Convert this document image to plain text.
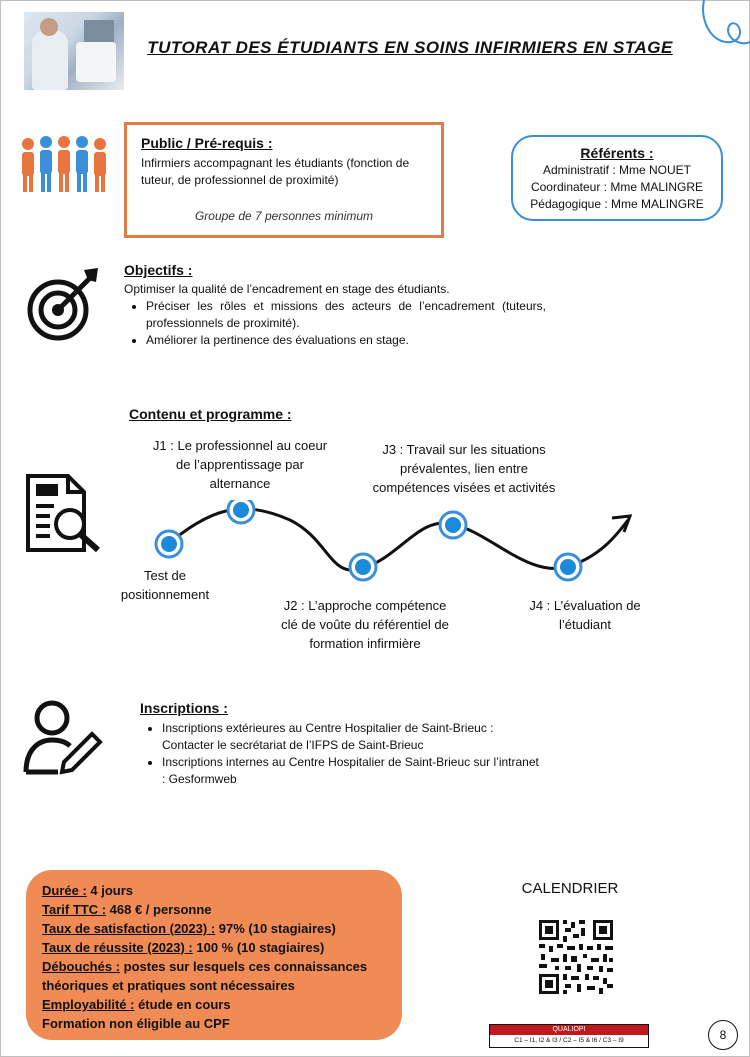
TUTORAT DES ÉTUDIANTS EN SOINS INFIRMIERS EN STAGE
Public / Pré-requis :
Infirmiers accompagnant les étudiants (fonction de tuteur, de professionnel de proximité)
Groupe de 7 personnes minimum
Référents :
Administratif : Mme NOUET
Coordinateur : Mme MALINGRE
Pédagogique : Mme MALINGRE
Objectifs :
Optimiser la qualité de l’encadrement en stage des étudiants.
• Préciser les rôles et missions des acteurs de l’encadrement (tuteurs, professionnels de proximité).
• Améliorer la pertinence des évaluations en stage.
Contenu et programme :
Test de
positionnement
J1 : Le professionnel au coeur
de l’apprentissage par
alternance
J2 : L’approche compétence
clé de voûte du référentiel de
formation infirmière
J3 : Travail sur les situations
prévalentes, lien entre
compétences visées et activités
J4 : L’évaluation de
l’étudiant
Inscriptions :
• Inscriptions extérieures au Centre Hospitalier de Saint-Brieuc : Contacter le secrétariat de l’IFPS de Saint-Brieuc
• Inscriptions internes au Centre Hospitalier de Saint-Brieuc sur l’intranet : Gesformweb
Durée : 4 jours
Tarif TTC : 468 € / personne
Taux de satisfaction (2023) : 97% (10 stagiaires)
Taux de réussite (2023) : 100 % (10 stagiaires)
Débouchés : postes sur lesquels ces connaissances
théoriques et pratiques sont nécessaires
Employabilité : étude en cours
Formation non éligible au CPF
CALENDRIER
QUALIOPI
C1 – I1, I2 & I3 / C2 – I5 & I6 / C3 – I9	8
